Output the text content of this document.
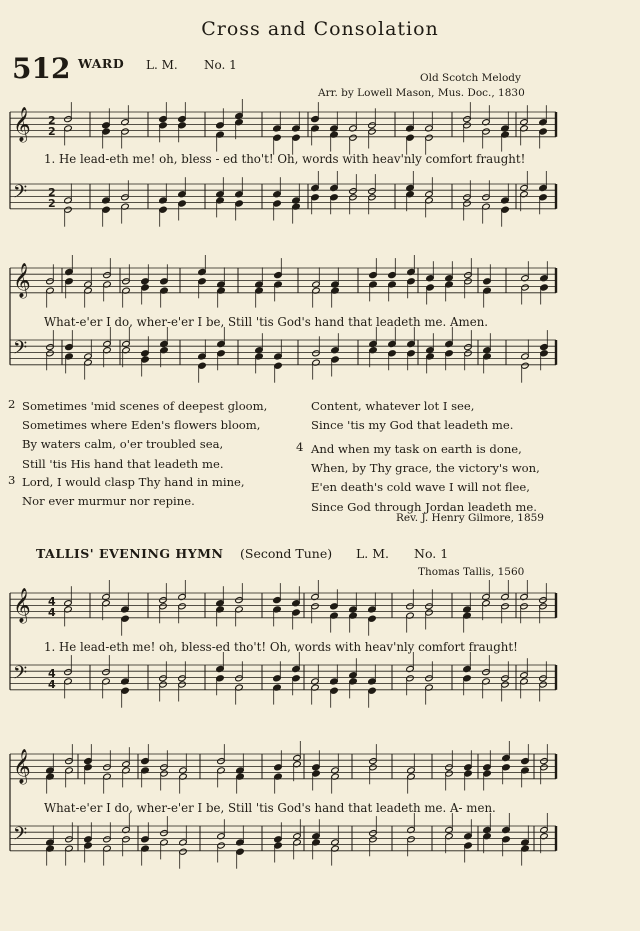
Cross and Consolation
512 WARD L. M. No. 1
Old Scotch Melody
Arr. by Lowell Mason, Mus. Doc., 1830
𝄞
𝄢
2
2
2
2
𝄞
𝄢
𝄞
𝄢
4
4
4
4
𝄞
𝄢
1. He lead-eth me! oh, bless - ed tho't! Oh, words with heav'nly comfort fraught!
What-e'er I do, wher-e'er I be, Still 'tis God's hand that leadeth me. Amen.
2 Sometimes 'mid scenes of deepest gloom,
Sometimes where Eden's flowers bloom,
By waters calm, o'er troubled sea,
Still 'tis His hand that leadeth me.
3 Lord, I would clasp Thy hand in mine,
Nor ever murmur nor repine.
Content, whatever lot I see,
Since 'tis my God that leadeth me.
4 And when my task on earth is done,
When, by Thy grace, the victory's won,
E'en death's cold wave I will not flee,
Since God through Jordan leadeth me.
Rev. J. Henry Gilmore, 1859
TALLIS' EVENING HYMN (Second Tune) L. M. No. 1
Thomas Tallis, 1560
1. He lead-eth me! oh, bless-ed tho't! Oh, words with heav'nly comfort fraught!
What-e'er I do, wher-e'er I be, Still 'tis God's hand that leadeth me. A- men.
